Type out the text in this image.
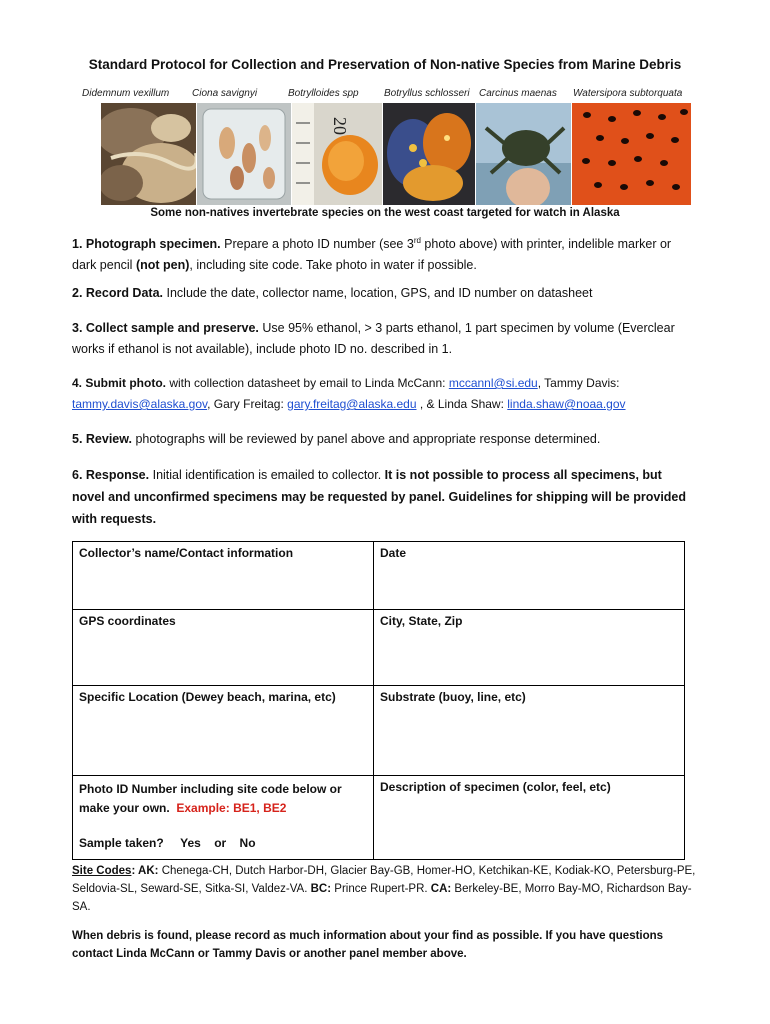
Standard Protocol for Collection and Preservation of Non-native Species from Marine Debris
Didemnum vexillum Ciona savignyi	Botrylloides spp	Botryllus schlosseri Carcinus maenas Watersipora subtorquata
20
Some non-natives invertebrate species on the west coast targeted for watch in Alaska
1. Photograph specimen. Prepare a photo ID number (see 3rd photo above) with printer, indelible marker or dark pencil (not pen), including site code. Take photo in water if possible.
2. Record Data. Include the date, collector name, location, GPS, and ID number on datasheet
3. Collect sample and preserve. Use 95% ethanol, > 3 parts ethanol, 1 part specimen by volume (Everclear works if ethanol is not available), include photo ID no. described in 1.
4. Submit photo. with collection datasheet by email to Linda McCann: mccannl@si.edu, Tammy Davis: tammy.davis@alaska.gov, Gary Freitag: gary.freitag@alaska.edu , & Linda Shaw: linda.shaw@noaa.gov
5. Review. photographs will be reviewed by panel above and appropriate response determined.
6. Response. Initial identification is emailed to collector. It is not possible to process all specimens, but novel and unconfirmed specimens may be requested by panel. Guidelines for shipping will be provided with requests.
Collector’s name/Contact information	Date
GPS coordinates	City, State, Zip
Specific Location (Dewey beach, marina, etc)	Substrate (buoy, line, etc)

Photo ID Number including site code below or make your own. Example: BE1, BE2
Sample taken? Yes or No	Description of specimen (color, feel, etc)
Site Codes: AK: Chenega-CH, Dutch Harbor-DH, Glacier Bay-GB, Homer-HO, Ketchikan-KE, Kodiak-KO, Petersburg-PE, Seldovia-SL, Seward-SE, Sitka-SI, Valdez-VA. BC: Prince Rupert-PR. CA: Berkeley-BE, Morro Bay-MO, Richardson Bay-SA.
When debris is found, please record as much information about your find as possible. If you have questions contact Linda McCann or Tammy Davis or another panel member above.
